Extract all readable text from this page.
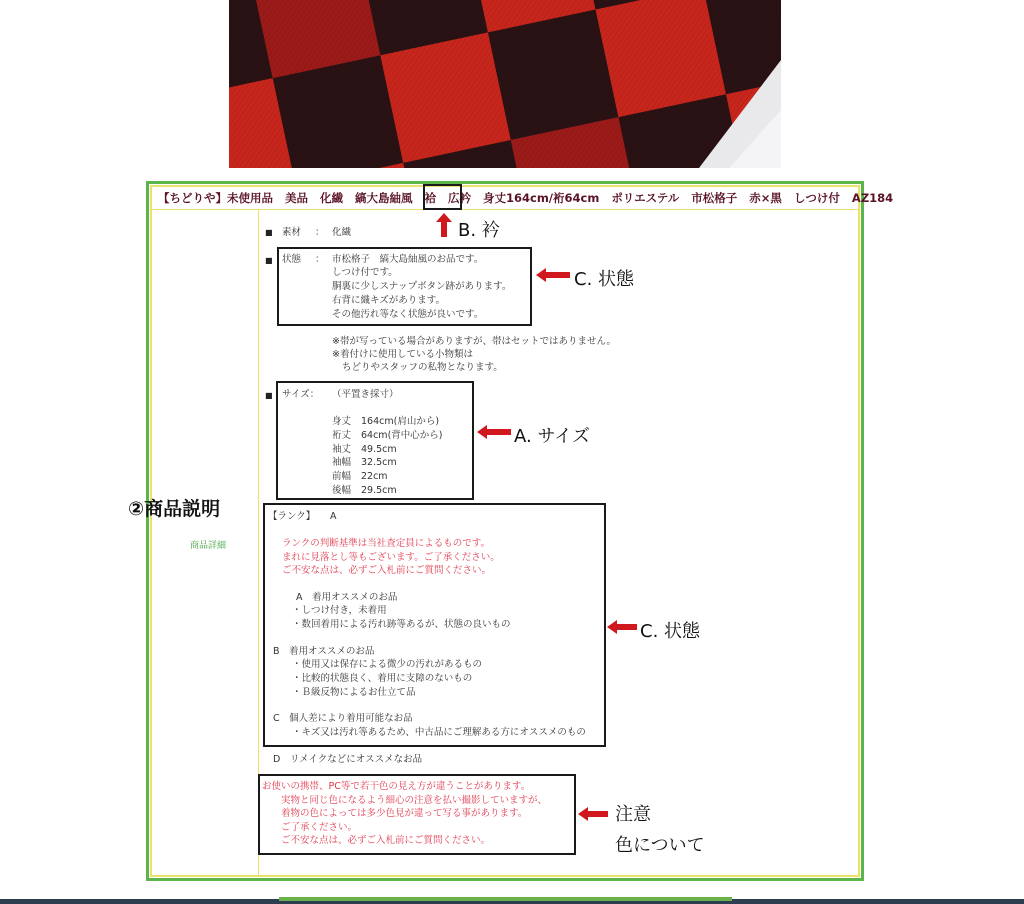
【ちどりや】未使用品 美品 化繊 縞大島紬風 袷 広衿 身丈164cm/裄64cm ポリエステル 市松格子 赤×黒 しつけ付 AZ184
②商品説明
商品詳細
■ 素材 ： 化繊
■ 状態 ： 市松格子　縞大島紬風のお品です。
しつけ付です。
胴裏に少しスナップボタン跡があります。
右背に織キズがあります。
その他汚れ等なく状態が良いです。
※帯が写っている場合がありますが、帯はセットではありません。
※着付けに使用している小物類は
ちどりやスタッフの私物となります。
■ サイズ： （平置き採寸）
身丈 164cm(肩山から)
裄丈 64cm(背中心から)
袖丈 49.5cm
袖幅 32.5cm
前幅 22cm
後幅 29.5cm
【ランク】 A
ランクの判断基準は当社査定員によるものです。
まれに見落とし等もございます。ご了承ください。
ご不安な点は、必ずご入札前にご質問ください。
A　着用オススメのお品
・しつけ付き，未着用
・数回着用による汚れ跡等あるが、状態の良いもの
B　着用オススメのお品
・使用又は保存による微少の汚れがあるもの
・比較的状態良く、着用に支障のないもの
・Ｂ級反物によるお仕立て品
C　個人差により着用可能なお品
・キズ又は汚れ等あるため、中古品にご理解ある方にオススメのもの
D　リメイクなどにオススメなお品
お使いの携帯、PC等で若干色の見え方が違うことがあります。
実物と同じ色になるよう細心の注意を払い撮影していますが、
着物の色によっては多少色見が違って写る事があります。
ご了承ください。
ご不安な点は、必ずご入札前にご質問ください。
B. 衿
C. 状態
A. サイズ
C. 状態
注意
色について
